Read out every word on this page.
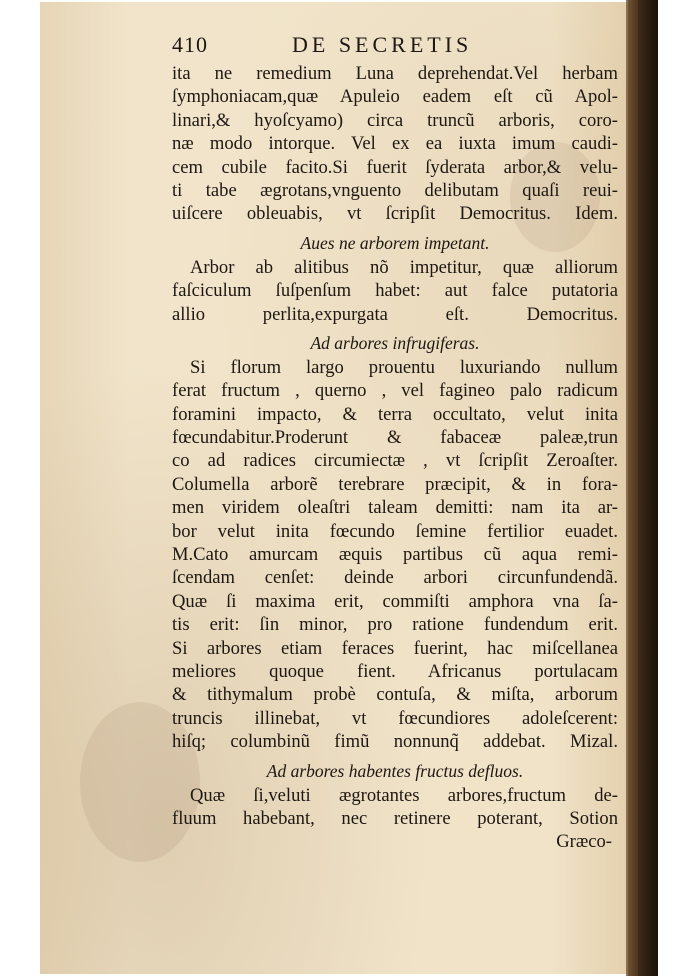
410	DE SECRETIS
ita ne remedium Luna deprehendat.Vel herbam
ſymphoniacam,quæ Apuleio eadem eſt cũ Apol-
linari,& hyoſcyamo) circa truncũ arboris, coro-
næ modo intorque. Vel ex ea iuxta imum caudi-
cem cubile facito.Si fuerit ſyderata arbor,& velu-
ti tabe ægrotans,vnguento delibutam quaſi reui-
uiſcere obleuabis, vt ſcripſit Democritus. Idem.
Aues ne arborem impetant.
Arbor ab alitibus nõ impetitur, quæ alliorum
faſciculum ſuſpenſum habet: aut falce putatoria
allio perlita,expurgata eſt. Democritus.
Ad arbores infrugiferas.
Si florum largo prouentu luxuriando nullum
ferat fructum , querno , vel fagineo palo radicum
foramini impacto, & terra occultato, velut inita
fœcundabitur.Proderunt & fabaceæ paleæ,trun
co ad radices circumiectæ , vt ſcripſit Zeroaſter.
Columella arborẽ terebrare præcipit, & in fora-
men viridem oleaſtri taleam demitti: nam ita ar-
bor velut inita fœcundo ſemine fertilior euadet.
M.Cato amurcam æquis partibus cũ aqua remi-
ſcendam cenſet: deinde arbori circunfundendã.
Quæ ſi maxima erit, commiſti amphora vna ſa-
tis erit: ſin minor, pro ratione fundendum erit.
Si arbores etiam feraces fuerint, hac miſcellanea
meliores quoque fient. Africanus portulacam
& tithymalum probè contuſa, & miſta, arborum
truncis illinebat, vt fœcundiores adoleſcerent:
hiſq; columbinũ fimũ nonnunq̃ addebat. Mizal.
Ad arbores habentes fructus defluos.
Quæ ſi,veluti ægrotantes arbores,fructum de-
fluum habebant, nec retinere poterant, Sotion
Græco-
